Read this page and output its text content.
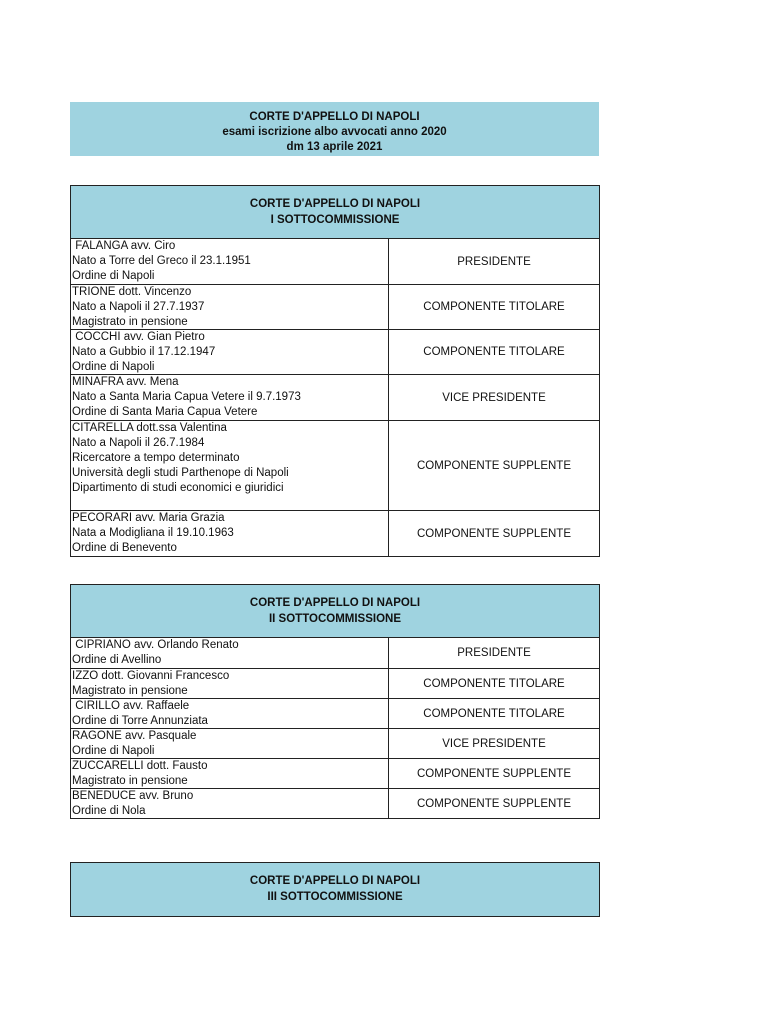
CORTE D'APPELLO DI NAPOLI
esami iscrizione albo avvocati anno 2020
dm 13 aprile 2021
CORTE D'APPELLO DI NAPOLI
I SOTTOCOMMISSIONE
FALANGA avv. Ciro
Nato a Torre del Greco il 23.1.1951
Ordine di Napoli
PRESIDENTE
TRIONE dott. Vincenzo
Nato a Napoli il 27.7.1937
Magistrato in pensione
COMPONENTE TITOLARE
COCCHI avv. Gian Pietro
Nato a Gubbio il 17.12.1947
Ordine di Napoli
COMPONENTE TITOLARE
MINAFRA avv. Mena
Nato a Santa Maria Capua Vetere il 9.7.1973
Ordine di Santa Maria Capua Vetere
VICE PRESIDENTE
CITARELLA dott.ssa Valentina
Nato a Napoli il 26.7.1984
Ricercatore a tempo determinato
Università degli studi Parthenope di Napoli
Dipartimento di studi economici e giuridici
COMPONENTE SUPPLENTE
PECORARI avv. Maria Grazia
Nata a Modigliana il 19.10.1963
Ordine di Benevento
COMPONENTE SUPPLENTE
CORTE D'APPELLO DI NAPOLI
II SOTTOCOMMISSIONE
CIPRIANO avv. Orlando Renato
Ordine di Avellino
PRESIDENTE
IZZO dott. Giovanni Francesco
Magistrato in pensione
COMPONENTE TITOLARE
CIRILLO avv. Raffaele
Ordine di Torre Annunziata
COMPONENTE TITOLARE
RAGONE avv. Pasquale
Ordine di Napoli
VICE PRESIDENTE
ZUCCARELLI dott. Fausto
Magistrato in pensione
COMPONENTE SUPPLENTE
BENEDUCE avv. Bruno
Ordine di Nola
COMPONENTE SUPPLENTE
CORTE D'APPELLO DI NAPOLI
III SOTTOCOMMISSIONE
